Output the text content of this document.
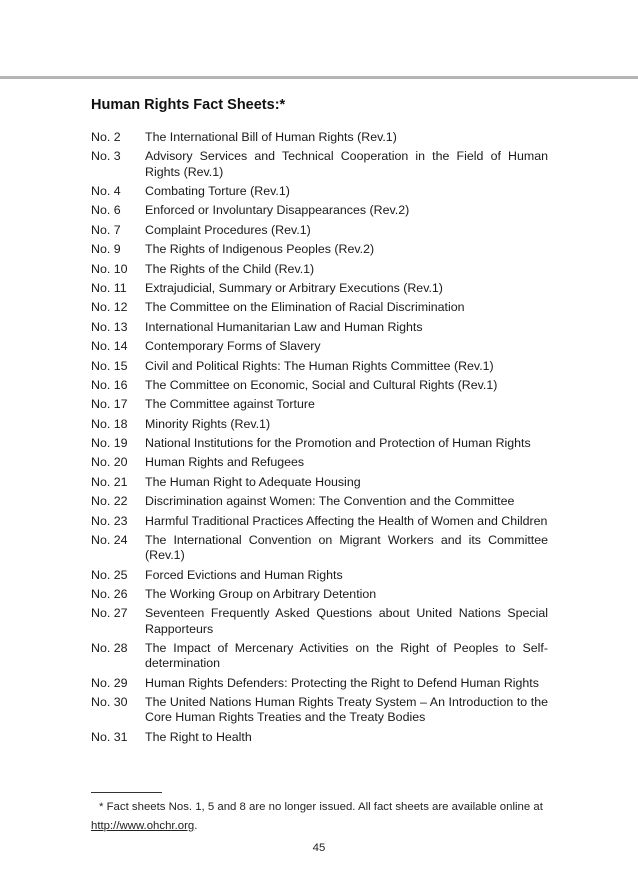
Human Rights Fact Sheets:*
No. 2	The International Bill of Human Rights (Rev.1)
No. 3	Advisory Services and Technical Cooperation in the Field of Human Rights (Rev.1)
No. 4	Combating Torture (Rev.1)
No. 6	Enforced or Involuntary Disappearances (Rev.2)
No. 7	Complaint Procedures (Rev.1)
No. 9	The Rights of Indigenous Peoples (Rev.2)
No. 10	The Rights of the Child (Rev.1)
No. 11	Extrajudicial, Summary or Arbitrary Executions (Rev.1)
No. 12	The Committee on the Elimination of Racial Discrimination
No. 13	International Humanitarian Law and Human Rights
No. 14	Contemporary Forms of Slavery
No. 15	Civil and Political Rights: The Human Rights Committee (Rev.1)
No. 16	The Committee on Economic, Social and Cultural Rights (Rev.1)
No. 17	The Committee against Torture
No. 18	Minority Rights (Rev.1)
No. 19	National Institutions for the Promotion and Protection of Human Rights
No. 20	Human Rights and Refugees
No. 21	The Human Right to Adequate Housing
No. 22	Discrimination against Women: The Convention and the Committee
No. 23	Harmful Traditional Practices Affecting the Health of Women and Children
No. 24	The International Convention on Migrant Workers and its Committee (Rev.1)
No. 25	Forced Evictions and Human Rights
No. 26	The Working Group on Arbitrary Detention
No. 27	Seventeen Frequently Asked Questions about United Nations Special Rapporteurs
No. 28	The Impact of Mercenary Activities on the Right of Peoples to Self-determination
No. 29	Human Rights Defenders: Protecting the Right to Defend Human Rights
No. 30	The United Nations Human Rights Treaty System – An Introduction to the Core Human Rights Treaties and the Treaty Bodies
No. 31	The Right to Health
* Fact sheets Nos. 1, 5 and 8 are no longer issued. All fact sheets are available online at
http://www.ohchr.org.
45
